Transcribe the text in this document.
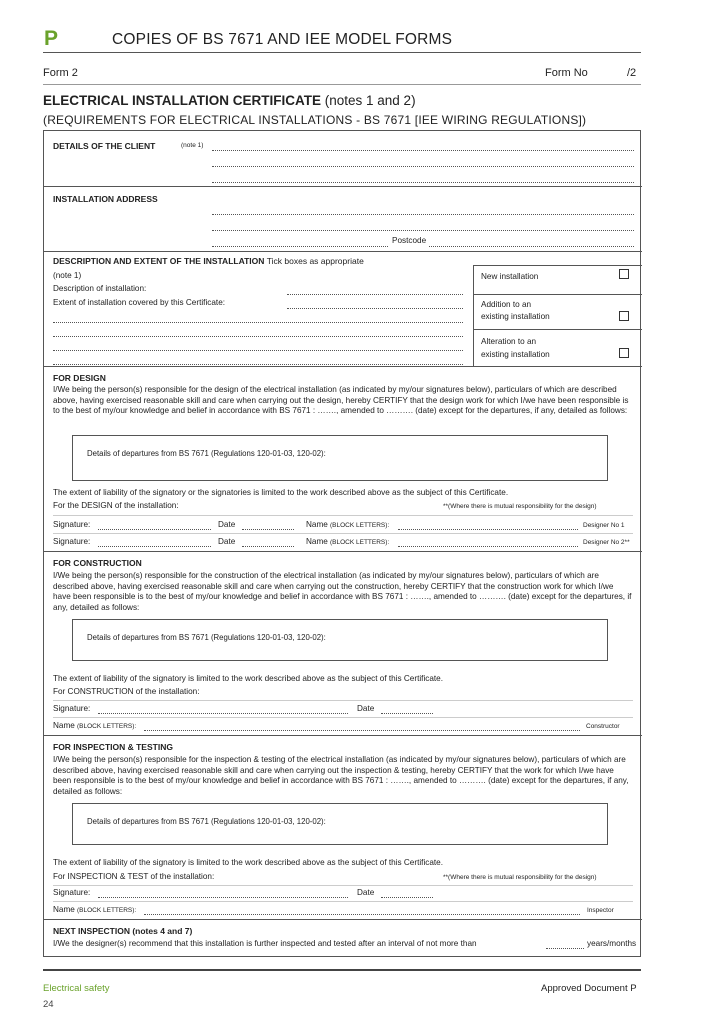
P	COPIES OF BS 7671 AND IEE MODEL FORMS
Form 2	Form No	/2
ELECTRICAL INSTALLATION CERTIFICATE (notes 1 and 2)
(REQUIREMENTS FOR ELECTRICAL INSTALLATIONS - BS 7671 [IEE WIRING REGULATIONS])
DETAILS OF THE CLIENT	(note 1)
INSTALLATION ADDRESS
Postcode
DESCRIPTION AND EXTENT OF THE INSTALLATION Tick boxes as appropriate
(note 1)
Description of installation:
Extent of installation covered by this Certificate:
New installation
Addition to an
existing installation
Alteration to an
existing installation
FOR DESIGN
I/We being the person(s) responsible for the design of the electrical installation (as indicated by my/our signatures below), particulars of which are described above, having exercised reasonable skill and care when carrying out the design, hereby CERTIFY that the design work for which I/we have been responsible is to the best of my/our knowledge and belief in accordance with BS 7671 : ……., amended to ………. (date) except for the departures, if any, detailed as follows:
Details of departures from BS 7671 (Regulations 120-01-03, 120-02):
The extent of liability of the signatory or the signatories is limited to the work described above as the subject of this Certificate.
For the DESIGN of the installation:	**(Where there is mutual responsibility for the design)
Signature:	Date	Name (BLOCK LETTERS):	Designer No 1
Signature:	Date	Name (BLOCK LETTERS):	Designer No 2**
FOR CONSTRUCTION
I/We being the person(s) responsible for the construction of the electrical installation (as indicated by my/our signatures below), particulars of which are described above, having exercised reasonable skill and care when carrying out the construction, hereby CERTIFY that the construction work for which I/we have been responsible is to the best of my/our knowledge and belief in accordance with BS 7671 : ……., amended to ………. (date) except for the departures, if any, detailed as follows:
Details of departures from BS 7671 (Regulations 120-01-03, 120-02):
The extent of liability of the signatory is limited to the work described above as the subject of this Certificate.
For CONSTRUCTION of the installation:
Signature:	Date
Name (BLOCK LETTERS):	Constructor
FOR INSPECTION & TESTING
I/We being the person(s) responsible for the inspection & testing of the electrical installation (as indicated by my/our signatures below), particulars of which are described above, having exercised reasonable skill and care when carrying out the inspection & testing, hereby CERTIFY that the work for which I/we have been responsible is to the best of my/our knowledge and belief in accordance with BS 7671 : ……., amended to ………. (date) except for the departures, if any, detailed as follows:
Details of departures from BS 7671 (Regulations 120-01-03, 120-02):
The extent of liability of the signatory is limited to the work described above as the subject of this Certificate.
For INSPECTION & TEST of the installation:	**(Where there is mutual responsibility for the design)
Signature:	Date
Name (BLOCK LETTERS):	Inspector
NEXT INSPECTION (notes 4 and 7)
I/We the designer(s) recommend that this installation is further inspected and tested after an interval of not more than	years/months
Electrical safety	Approved Document P
24
